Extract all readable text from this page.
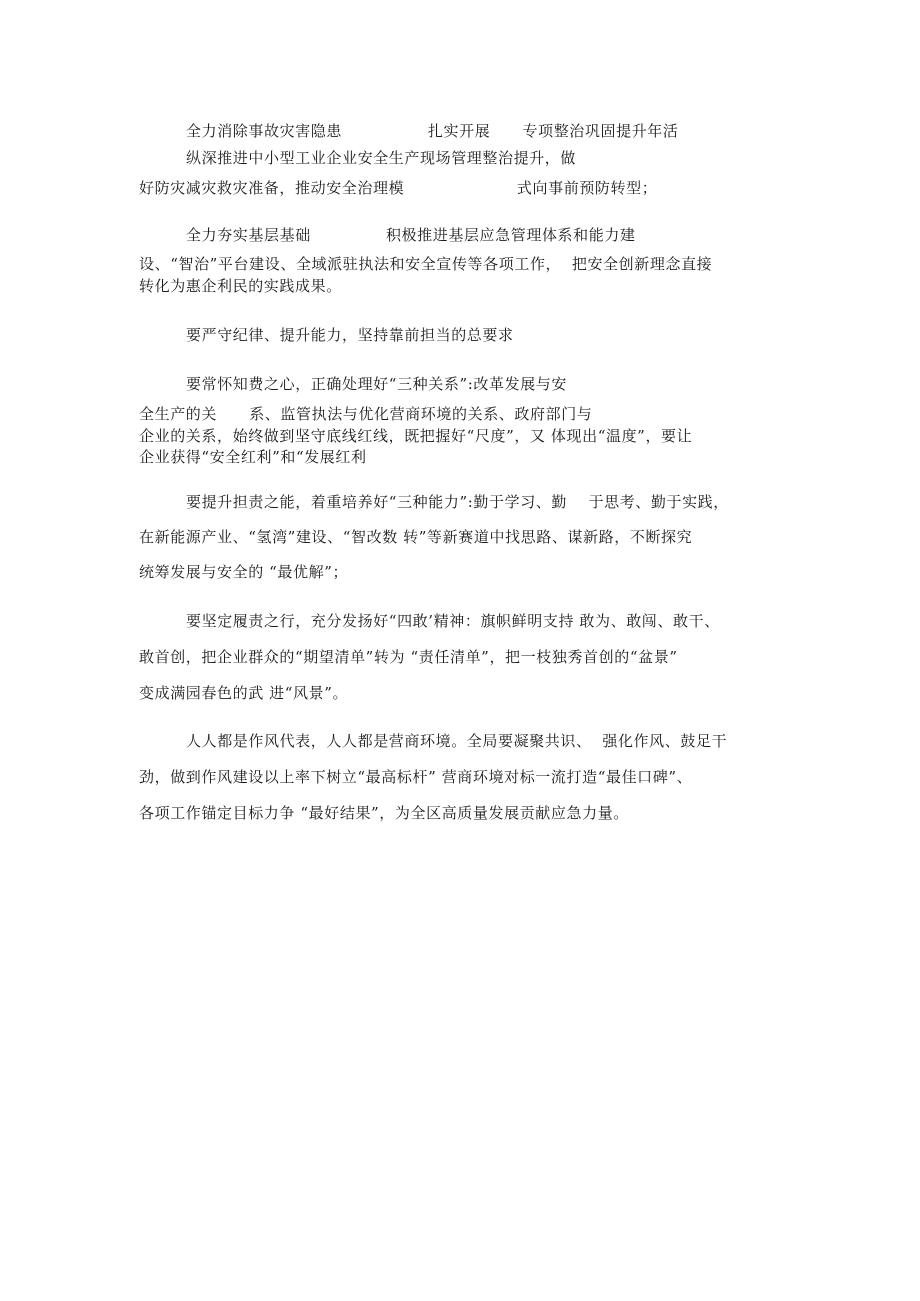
全力消除事故灾害隐患                扎实开展      专项整治巩固提升年活
纵深推进中小型工业企业安全生产现场管理整治提升，做
好防灾减灾救灾准备，推动安全治理模                     式向事前预防转型；
全力夯实基层基础              积极推进基层应急管理体系和能力建
设、“智治”平台建设、全域派驻执法和安全宣传等各项工作，  把安全创新理念直接
转化为惠企利民的实践成果。
要严守纪律、提升能力，坚持靠前担当的总要求
要常怀知费之心，正确处理好“三种关系”:改革发展与安
全生产的关      系、监管执法与优化营商环境的关系、政府部门与
企业的关系，始终做到坚守底线红线，既把握好“尺度”，又 体现出“温度”，要让
企业获得“安全红利”和“发展红利
要提升担责之能，着重培养好“三种能力”:勤于学习、勤    于思考、勤于实践，
在新能源产业、“氢湾”建设、“智改数 转”等新赛道中找思路、谋新路，不断探究
统筹发展与安全的 “最优解”；
要坚定履责之行，充分发扬好“四敢’精神：旗帜鲜明支持 敢为、敢闯、敢干、
敢首创，把企业群众的“期望清单”转为 “责任清单”，把一枝独秀首创的“盆景”
变成满园春色的武 进“风景”。
人人都是作风代表，人人都是营商环境。全局要凝聚共识、  强化作风、鼓足干
劲，做到作风建设以上率下树立“最高标杆” 营商环境对标一流打造“最佳口碑”、
各项工作锚定目标力争 “最好结果”，为全区高质量发展贡献应急力量。
